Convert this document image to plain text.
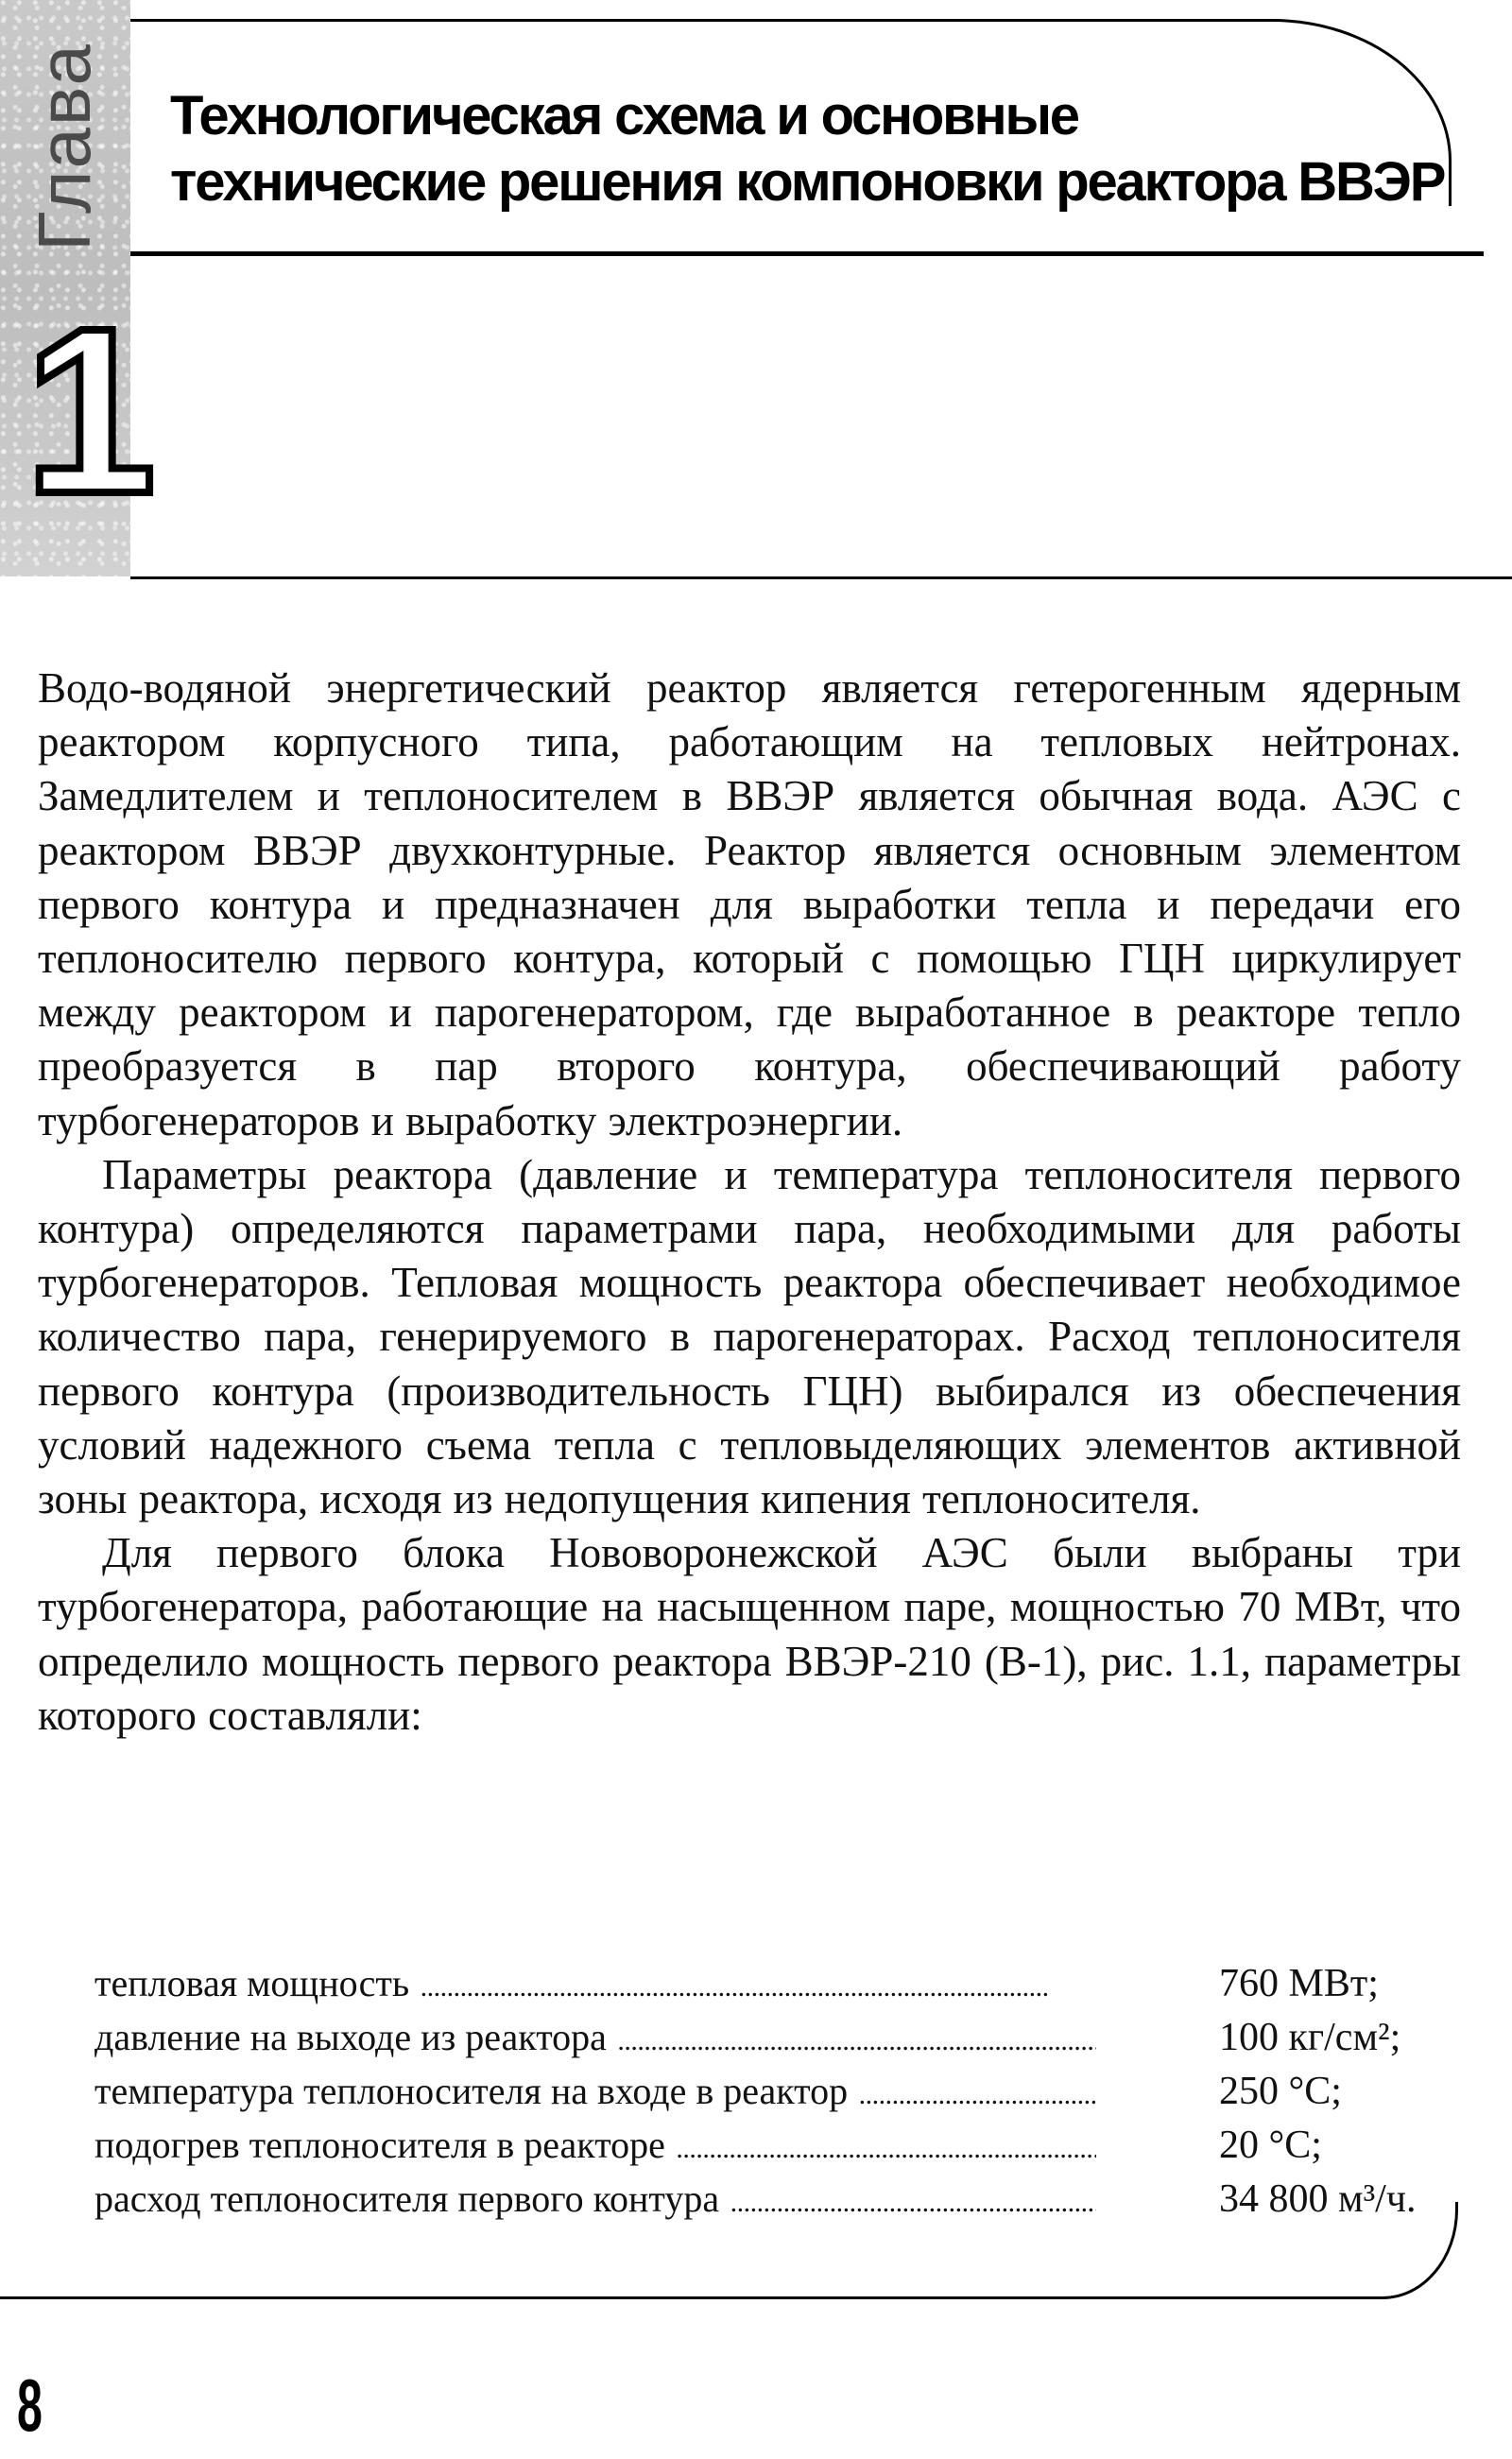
Глава
1
Технологическая схема и основные
технические решения компоновки реактора ВВЭР

Водо-водяной энергетический реактор является гетерогенным ядерным реактором корпусного типа, работающим на тепловых нейтронах. Замедлителем и теплоносителем в ВВЭР является обычная вода. АЭС с реактором ВВЭР двухконтурные. Реактор является основным элементом первого контура и предназначен для выработки тепла и передачи его теплоносителю первого контура, который с помощью ГЦН циркулирует между реактором и парогенератором, где выработанное в реакторе тепло преобразуется в пар второго контура, обеспечивающий работу турбогенераторов и выработку электроэнергии.

Параметры реактора (давление и температура теплоносителя первого контура) определяются параметрами пара, необходимыми для работы турбогенераторов. Тепловая мощность реактора обеспечивает необходимое количество пара, генерируемого в парогенераторах. Расход теплоносителя первого контура (производительность ГЦН) выбирался из обеспечения условий надежного съема тепла с тепловыделяющих элементов активной зоны реактора, исходя из недопущения кипения теплоносителя.

Для первого блока Нововоронежской АЭС были выбраны три турбогенератора, работающие на насыщенном паре, мощностью 70 МВт, что определило мощность первого реактора ВВЭР-210 (В-1), рис. 1.1, параметры которого составляли:

тепловая мощность . . .	760 МВт;
давление на выходе из реактора . . .	100 кг/см²;
температура теплоносителя на входе в реактор . . .	250 °С;
подогрев теплоносителя в реакторе . . .	20 °С;
расход теплоносителя первого контура . . .	34 800 м³/ч.
8
